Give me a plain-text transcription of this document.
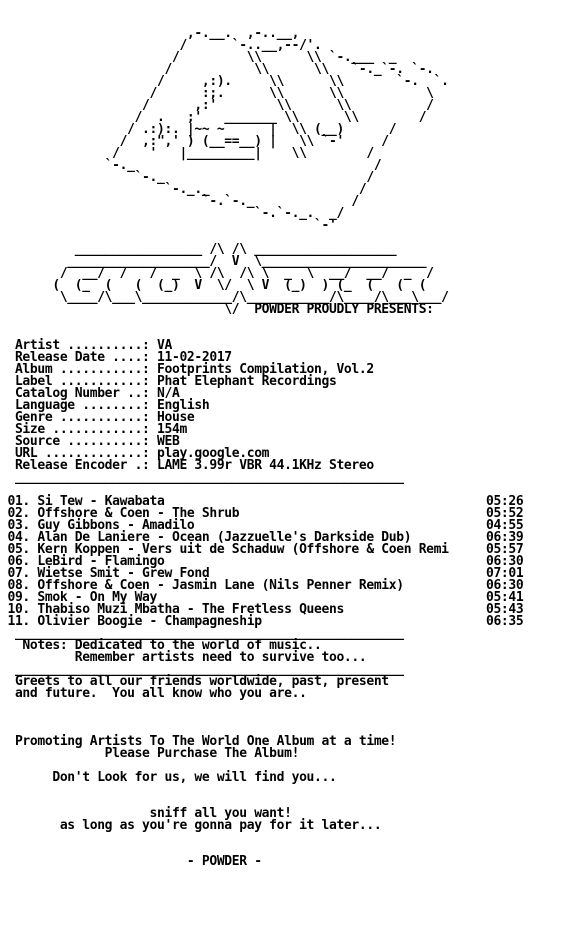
,-.__.  ,-..__,
/      `-..__,--/'.
/         \\      \\ `-.___  _
/           \\      \\   `-._`-. `-.
/     ,:).     \\      \\       `-.  `.
/      :;.      \\      \\           \
/      ,:'        \\      \\          /
/  .   ;'   _______ \\      \\        /
/ .:):. |~~ ~      |  \\ (__)      /
/  ,:",' ) (__==__) |   \\ `-'     /
/    '   |_________|    \\        /
`-._                                /
`-._                           /
`-._._                    /
`-.`-._             /
`-.`-._.  _/
`-'

_________________ /\ /\ ___________________
___________________/  V  \______________________
/  __/  /   /  _  \ /\  /\ \  _  \  __/  __/  _  /
(  (_  (   (  (_)  V  \/  \ V  (_)  ) (_  (   (  (
\____/\___\____________/\___________/\____/\___\___/
\/  POWDER PROUDLY PRESENTS:

Artist ..........: VA
Release Date ....: 11-02-2017
Album ...........: Footprints Compilation, Vol.2
Label ...........: Phat Elephant Recordings
Catalog Number ..: N/A
Language ........: English
Genre ...........: House
Size ............: 154m
Source ..........: WEB
URL .............: play.google.com
Release Encoder .: LAME 3.99r VBR 44.1KHz Stereo
____________________________________________________

01. Si Tew - Kawabata                                           05:26
02. Offshore & Coen - The Shrub                                 05:52
03. Guy Gibbons - Amadilo                                       04:55
04. Alan De Laniere - Ocean (Jazzuelle's Darkside Dub)          06:39
05. Kern Koppen - Vers uit de Schaduw (Offshore & Coen Remi     05:57
06. LeBird - Flamingo                                           06:30
07. Wietse Smit - Grew Fond                                     07:01
08. Offshore & Coen - Jasmin Lane (Nils Penner Remix)           06:30
09. Smok - On My Way                                            05:41
10. Thabiso Muzi Mbatha - The Fretless Queens                   05:43
11. Olivier Boogie - Champagneship                              06:35
____________________________________________________
Notes: Dedicated to the world of music..
Remember artists need to survive too...
____________________________________________________
Greets to all our friends worldwide, past, present
and future.  You all know who you are..

Promoting Artists To The World One Album at a time!
Please Purchase The Album!

Don't Look for us, we will find you...

sniff all you want!
as long as you're gonna pay for it later...

- POWDER -
